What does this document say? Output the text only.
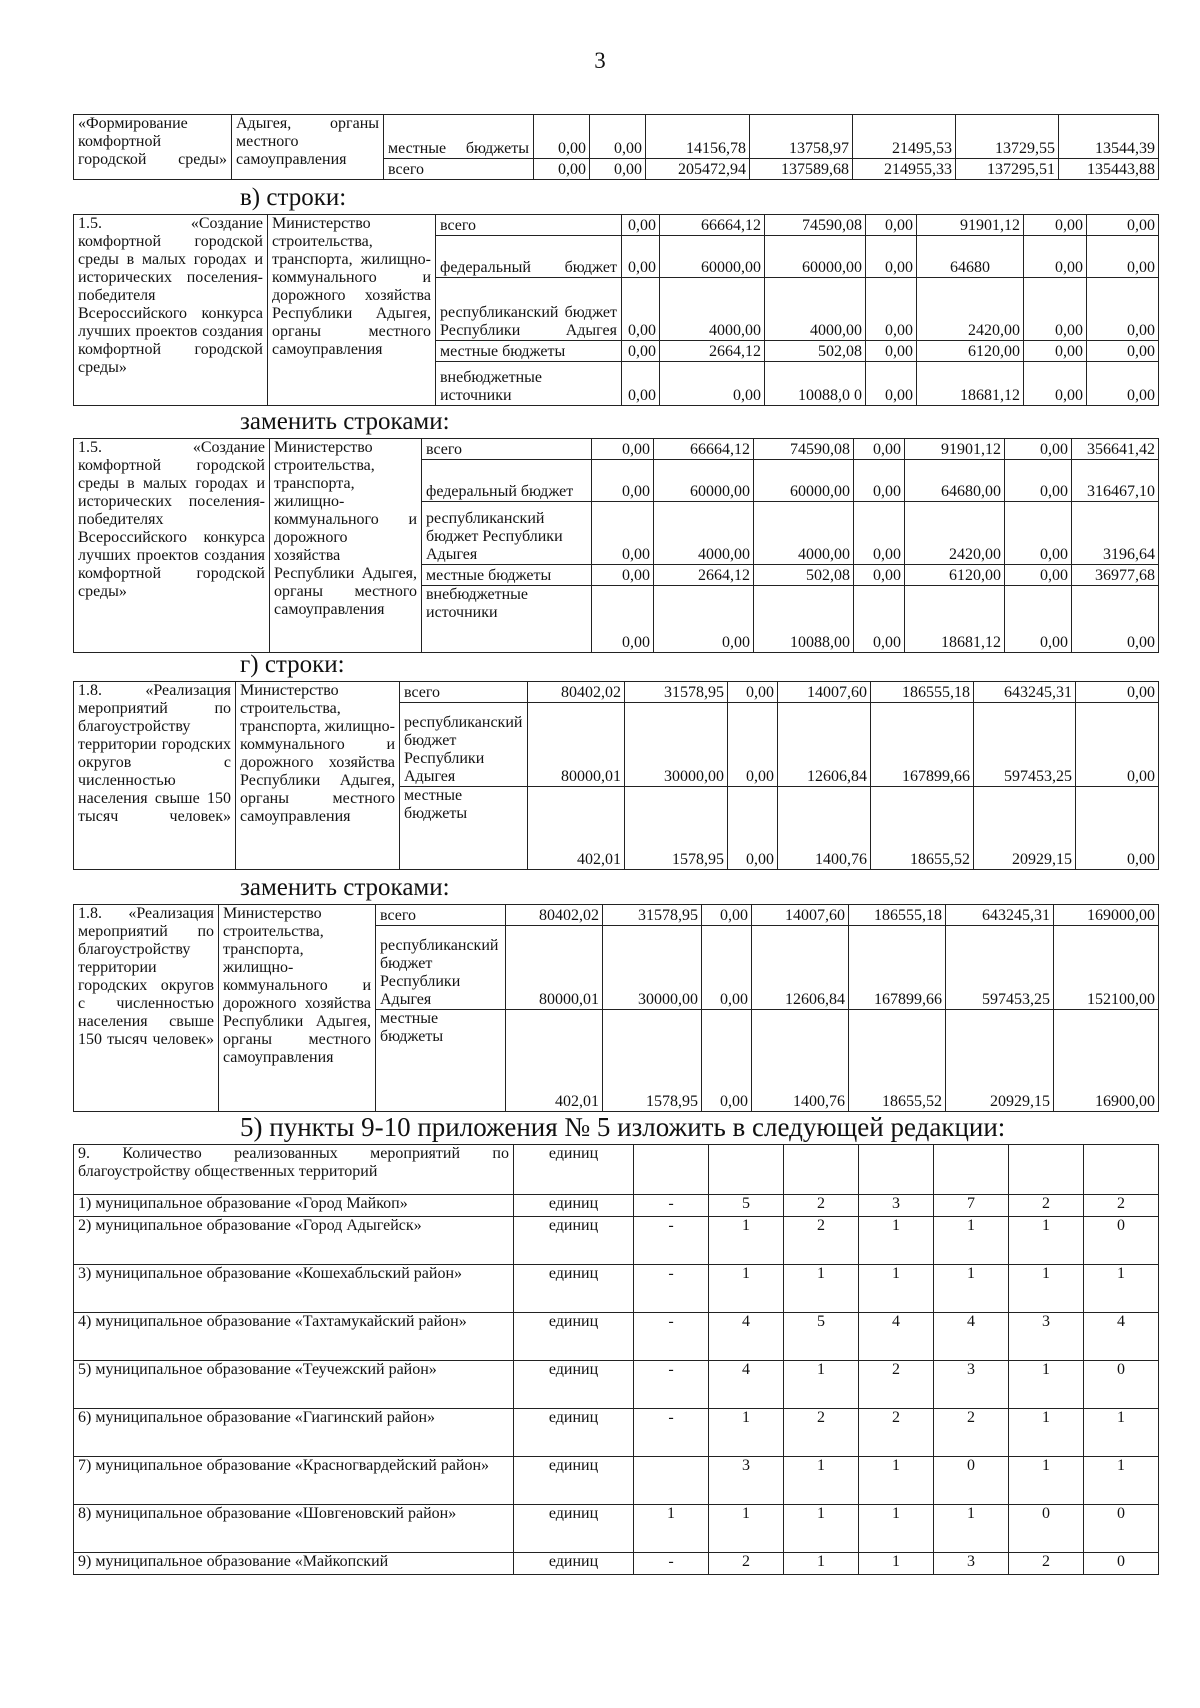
3
«Формирование комфортной городской среды»	Адыгея, органы местного самоуправления	местные бюджеты	0,00	0,00	14156,78	13758,97	21495,53	13729,55	13544,39
		всего	0,00	0,00	205472,94	137589,68	214955,33	137295,51	135443,88
в) строки:
1.5. «Создание комфортной городской среды в малых городах и исторических поселения-победителя Всероссийского конкурса лучших проектов создания комфортной городской среды»	Министерство строительства, транспорта, жилищно-коммунального и дорожного хозяйства Республики Адыгея, органы местного самоуправления	всего	0,00	66664,12	74590,08	0,00	91901,12	0,00	0,00
		федеральный бюджет	0,00	60000,00	60000,00	0,00	64680	0,00	0,00
		республиканский бюджет Республики Адыгея	0,00	4000,00	4000,00	0,00	2420,00	0,00	0,00
		местные бюджеты	0,00	2664,12	502,08	0,00	6120,00	0,00	0,00
		внебюджетные источники	0,00	0,00	10088,0 0	0,00	18681,12	0,00	0,00
заменить строками:
1.5. «Создание комфортной городской среды в малых городах и исторических поселения-победителях Всероссийского конкурса лучших проектов создания комфортной городской среды»	Министерство строительства, транспорта, жилищно-коммунального и дорожного хозяйства Республики Адыгея, органы местного самоуправления	всего	0,00	66664,12	74590,08	0,00	91901,12	0,00	356641,42
		федеральный бюджет	0,00	60000,00	60000,00	0,00	64680,00	0,00	316467,10
		республиканский бюджет Республики Адыгея	0,00	4000,00	4000,00	0,00	2420,00	0,00	3196,64
		местные бюджеты	0,00	2664,12	502,08	0,00	6120,00	0,00	36977,68
		внебюджетные источники	0,00	0,00	10088,00	0,00	18681,12	0,00	0,00
г) строки:
1.8. «Реализация мероприятий по благоустройству территории городских округов с численностью населения свыше 150 тысяч человек»	Министерство строительства, транспорта, жилищно-коммунального и дорожного хозяйства Республики Адыгея, органы местного самоуправления	всего	80402,02	31578,95	0,00	14007,60	186555,18	643245,31	0,00
		республиканский бюджет Республики Адыгея	80000,01	30000,00	0,00	12606,84	167899,66	597453,25	0,00
		местные бюджеты	402,01	1578,95	0,00	1400,76	18655,52	20929,15	0,00
заменить строками:
1.8. «Реализация мероприятий по благоустройству территории городских округов с численностью населения свыше 150 тысяч человек»	Министерство строительства, транспорта, жилищно-коммунального и дорожного хозяйства Республики Адыгея, органы местного самоуправления	всего	80402,02	31578,95	0,00	14007,60	186555,18	643245,31	169000,00
		республиканский бюджет Республики Адыгея	80000,01	30000,00	0,00	12606,84	167899,66	597453,25	152100,00
		местные бюджеты	402,01	1578,95	0,00	1400,76	18655,52	20929,15	16900,00
5) пункты 9-10 приложения № 5 изложить в следующей редакции:
9. Количество реализованных мероприятий по благоустройству общественных территорий	единиц							
1) муниципальное образование «Город Майкоп»	единиц	-	5	2	3	7	2	2
2) муниципальное образование «Город Адыгейск»	единиц	-	1	2	1	1	1	0
3) муниципальное образование «Кошехабльский район»	единиц	-	1	1	1	1	1	1
4) муниципальное образование «Тахтамукайский район»	единиц	-	4	5	4	4	3	4
5) муниципальное образование «Теучежский район»	единиц	-	4	1	2	3	1	0
6) муниципальное образование «Гиагинский район»	единиц	-	1	2	2	2	1	1
7) муниципальное образование «Красногвардейский район»	единиц		3	1	1	0	1	1
8) муниципальное образование «Шовгеновский район»	единиц	1	1	1	1	1	0	0
9) муниципальное образование «Майкопский	единиц	-	2	1	1	3	2	0
